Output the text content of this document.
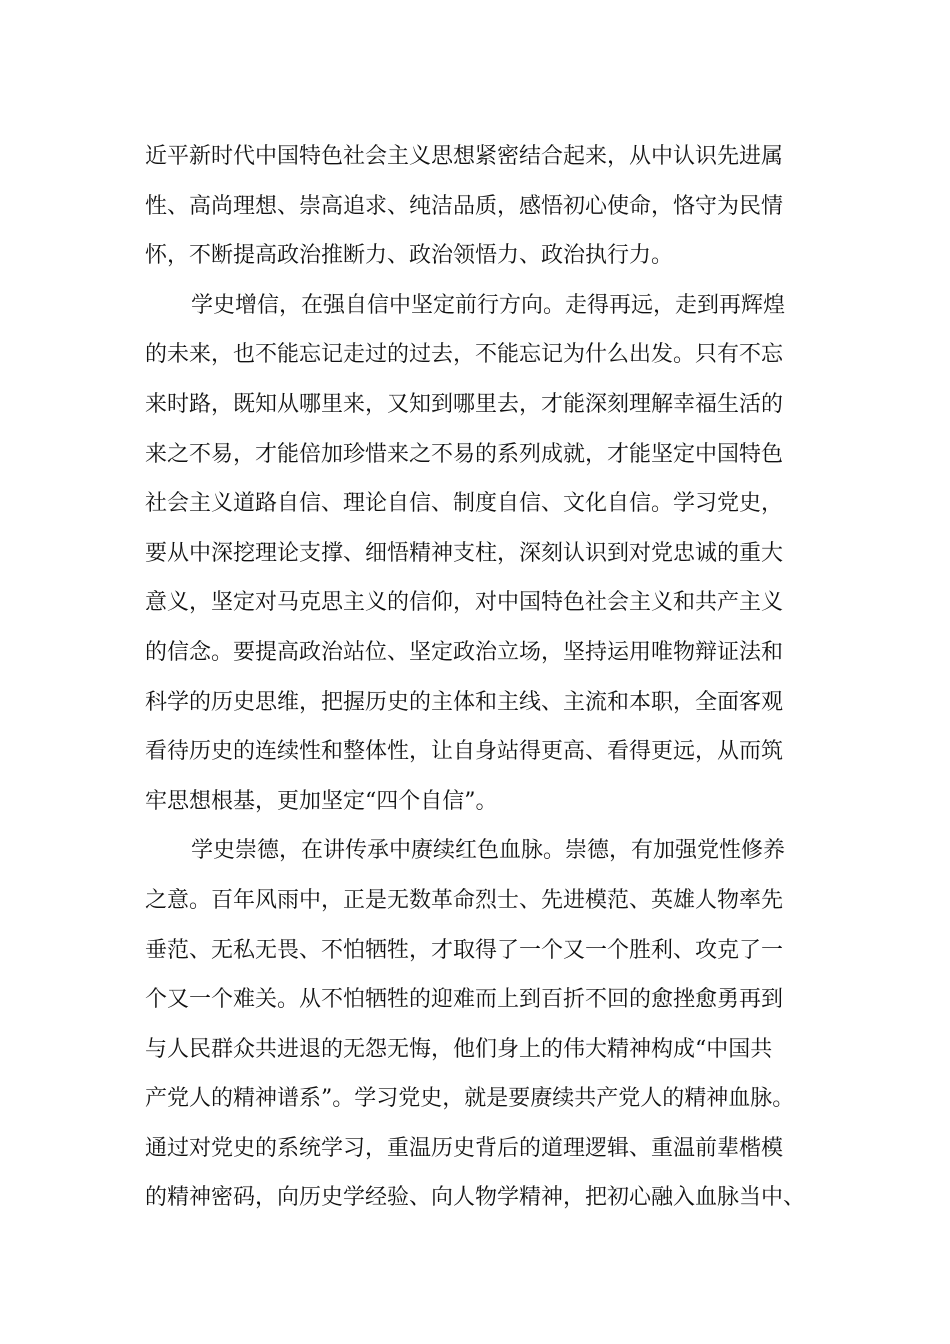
近平新时代中国特色社会主义思想紧密结合起来，从中认识先进属
性、高尚理想、崇高追求、纯洁品质，感悟初心使命，恪守为民情
怀，不断提高政治推断力、政治领悟力、政治执行力。
学史增信，在强自信中坚定前行方向。走得再远，走到再辉煌
的未来，也不能忘记走过的过去，不能忘记为什么出发。只有不忘
来时路，既知从哪里来，又知到哪里去，才能深刻理解幸福生活的
来之不易，才能倍加珍惜来之不易的系列成就，才能坚定中国特色
社会主义道路自信、理论自信、制度自信、文化自信。学习党史，
要从中深挖理论支撑、细悟精神支柱，深刻认识到对党忠诚的重大
意义，坚定对马克思主义的信仰，对中国特色社会主义和共产主义
的信念。要提高政治站位、坚定政治立场，坚持运用唯物辩证法和
科学的历史思维，把握历史的主体和主线、主流和本职，全面客观
看待历史的连续性和整体性，让自身站得更高、看得更远，从而筑
牢思想根基，更加坚定“四个自信”。
学史崇德，在讲传承中赓续红色血脉。崇德，有加强党性修养
之意。百年风雨中，正是无数革命烈士、先进模范、英雄人物率先
垂范、无私无畏、不怕牺牲，才取得了一个又一个胜利、攻克了一
个又一个难关。从不怕牺牲的迎难而上到百折不回的愈挫愈勇再到
与人民群众共进退的无怨无悔，他们身上的伟大精神构成“中国共
产党人的精神谱系”。学习党史，就是要赓续共产党人的精神血脉。
通过对党史的系统学习，重温历史背后的道理逻辑、重温前辈楷模
的精神密码，向历史学经验、向人物学精神，把初心融入血脉当中、
